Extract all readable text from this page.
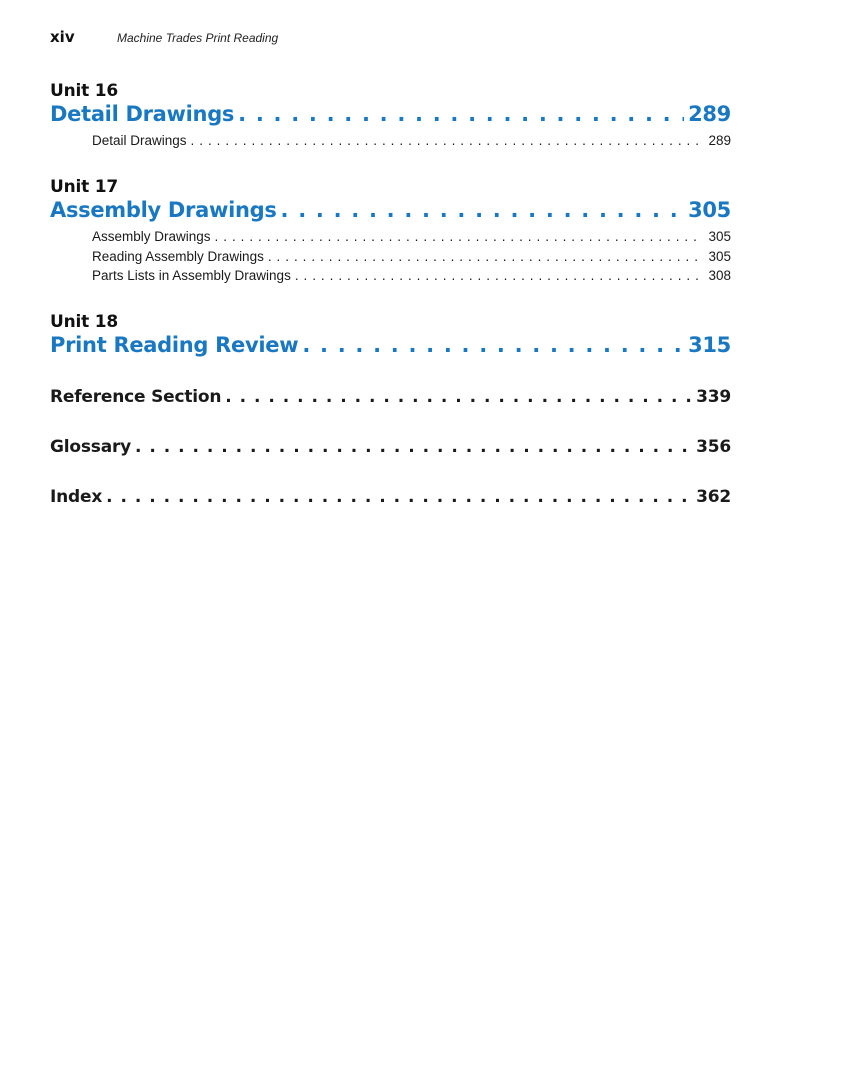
xiv	Machine Trades Print Reading
Unit 16
Detail Drawings . . .	289
Detail Drawings . . .	289
Unit 17
Assembly Drawings . . .	305
Assembly Drawings . . .	305
Reading Assembly Drawings . . .	305
Parts Lists in Assembly Drawings . . .	308
Unit 18
Print Reading Review . . .	315
Reference Section . . .	339
Glossary . . .	356
Index . . .	362
